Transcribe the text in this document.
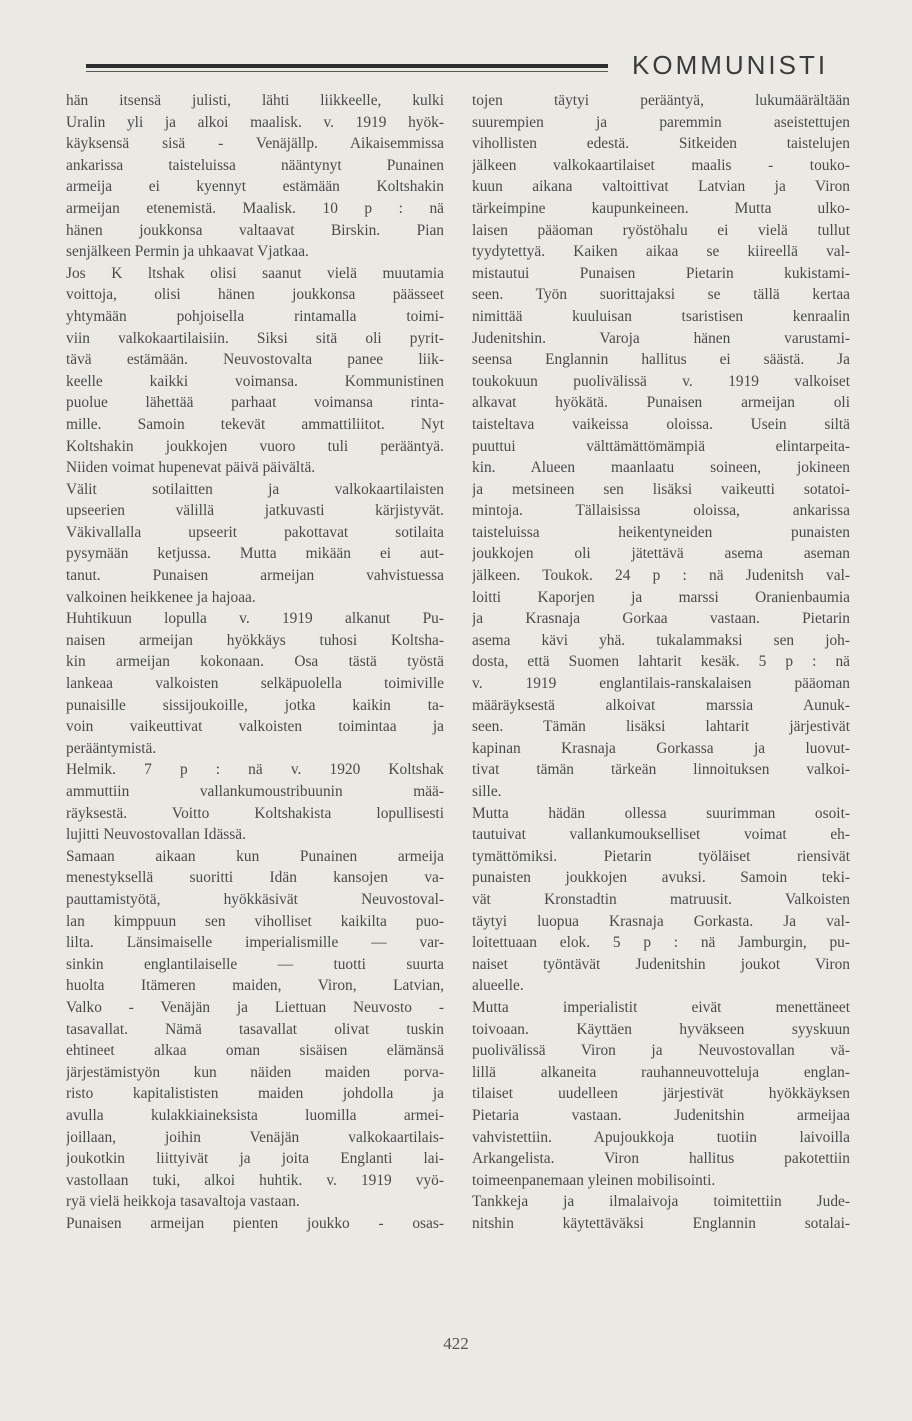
KOMMUNISTI
hän itsensä julisti, lähti liikkeelle, kulki
Uralin yli ja alkoi maalisk. v. 1919 hyök-
käyksensä sisä - Venäjällp. Aikaisemmissa
ankarissa taisteluissa nääntynyt Punainen
armeija ei kyennyt estämään Koltshakin
armeijan etenemistä. Maalisk. 10 p : nä
hänen joukkonsa valtaavat Birskin. Pian
senjälkeen Permin ja uhkaavat Vjatkaa.
Jos K ltshak olisi saanut vielä muutamia
voittoja, olisi hänen joukkonsa päässeet
yhtymään pohjoisella rintamalla toimi-
viin valkokaartilaisiin. Siksi sitä oli pyrit-
tävä estämään. Neuvostovalta panee liik-
keelle kaikki voimansa. Kommunistinen
puolue lähettää parhaat voimansa rinta-
mille. Samoin tekevät ammattiliitot. Nyt
Koltshakin joukkojen vuoro tuli perääntyä.
Niiden voimat hupenevat päivä päivältä.
Välit sotilaitten ja valkokaartilaisten
upseerien välillä jatkuvasti kärjistyvät.
Väkivallalla upseerit pakottavat sotilaita
pysymään ketjussa. Mutta mikään ei aut-
tanut. Punaisen armeijan vahvistuessa
valkoinen heikkenee ja hajoaa.
Huhtikuun lopulla v. 1919 alkanut Pu-
naisen armeijan hyökkäys tuhosi Koltsha-
kin armeijan kokonaan. Osa tästä työstä
lankeaa valkoisten selkäpuolella toimiville
punaisille sissijoukoille, jotka kaikin ta-
voin vaikeuttivat valkoisten toimintaa ja
perääntymistä.
Helmik. 7 p : nä v. 1920 Koltshak
ammuttiin vallankumoustribuunin mää-
räyksestä. Voitto Koltshakista lopullisesti
lujitti Neuvostovallan Idässä.
Samaan aikaan kun Punainen armeija
menestyksellä suoritti Idän kansojen va-
pauttamistyötä, hyökkäsivät Neuvostoval-
lan kimppuun sen viholliset kaikilta puo-
lilta. Länsimaiselle imperialismille — var-
sinkin englantilaiselle — tuotti suurta
huolta Itämeren maiden, Viron, Latvian,
Valko - Venäjän ja Liettuan Neuvosto -
tasavallat. Nämä tasavallat olivat tuskin
ehtineet alkaa oman sisäisen elämänsä
järjestämistyön kun näiden maiden porva-
risto kapitalististen maiden johdolla ja
avulla kulakkiaineksista luomilla armei-
joillaan, joihin Venäjän valkokaartilais-
joukotkin liittyivät ja joita Englanti lai-
vastollaan tuki, alkoi huhtik. v. 1919 vyö-
ryä vielä heikkoja tasavaltoja vastaan.
Punaisen armeijan pienten joukko - osas-
tojen täytyi perääntyä, lukumäärältään
suurempien ja paremmin aseistettujen
vihollisten edestä. Sitkeiden taistelujen
jälkeen valkokaartilaiset maalis - touko-
kuun aikana valtoittivat Latvian ja Viron
tärkeimpine kaupunkeineen. Mutta ulko-
laisen pääoman ryöstöhalu ei vielä tullut
tyydytettyä. Kaiken aikaa se kiireellä val-
mistautui Punaisen Pietarin kukistami-
seen. Työn suorittajaksi se tällä kertaa
nimittää kuuluisan tsaristisen kenraalin
Judenitshin. Varoja hänen varustami-
seensa Englannin hallitus ei säästä. Ja
toukokuun puolivälissä v. 1919 valkoiset
alkavat hyökätä. Punaisen armeijan oli
taisteltava vaikeissa oloissa. Usein siltä
puuttui välttämättömämpiä elintarpeita-
kin. Alueen maanlaatu soineen, jokineen
ja metsineen sen lisäksi vaikeutti sotatoi-
mintoja. Tällaisissa oloissa, ankarissa
taisteluissa heikentyneiden punaisten
joukkojen oli jätettävä asema aseman
jälkeen. Toukok. 24 p : nä Judenitsh val-
loitti Kaporjen ja marssi Oranienbaumia
ja Krasnaja Gorkaa vastaan. Pietarin
asema kävi yhä. tukalammaksi sen joh-
dosta, että Suomen lahtarit kesäk. 5 p : nä
v. 1919 englantilais-ranskalaisen pääoman
määräyksestä alkoivat marssia Aunuk-
seen. Tämän lisäksi lahtarit järjestivät
kapinan Krasnaja Gorkassa ja luovut-
tivat tämän tärkeän linnoituksen valkoi-
sille.
Mutta hädän ollessa suurimman osoit-
tautuivat vallankumoukselliset voimat eh-
tymättömiksi. Pietarin työläiset riensivät
punaisten joukkojen avuksi. Samoin teki-
vät Kronstadtin matruusit. Valkoisten
täytyi luopua Krasnaja Gorkasta. Ja val-
loitettuaan elok. 5 p : nä Jamburgin, pu-
naiset työntävät Judenitshin joukot Viron
alueelle.
Mutta imperialistit eivät menettäneet
toivoaan. Käyttäen hyväkseen syyskuun
puolivälissä Viron ja Neuvostovallan vä-
lillä alkaneita rauhanneuvotteluja englan-
tilaiset uudelleen järjestivät hyökkäyksen
Pietaria vastaan. Judenitshin armeijaa
vahvistettiin. Apujoukkoja tuotiin laivoilla
Arkangelista. Viron hallitus pakotettiin
toimeenpanemaan yleinen mobilisointi.
Tankkeja ja ilmalaivoja toimitettiin Jude-
nitshin käytettäväksi Englannin sotalai-
422
